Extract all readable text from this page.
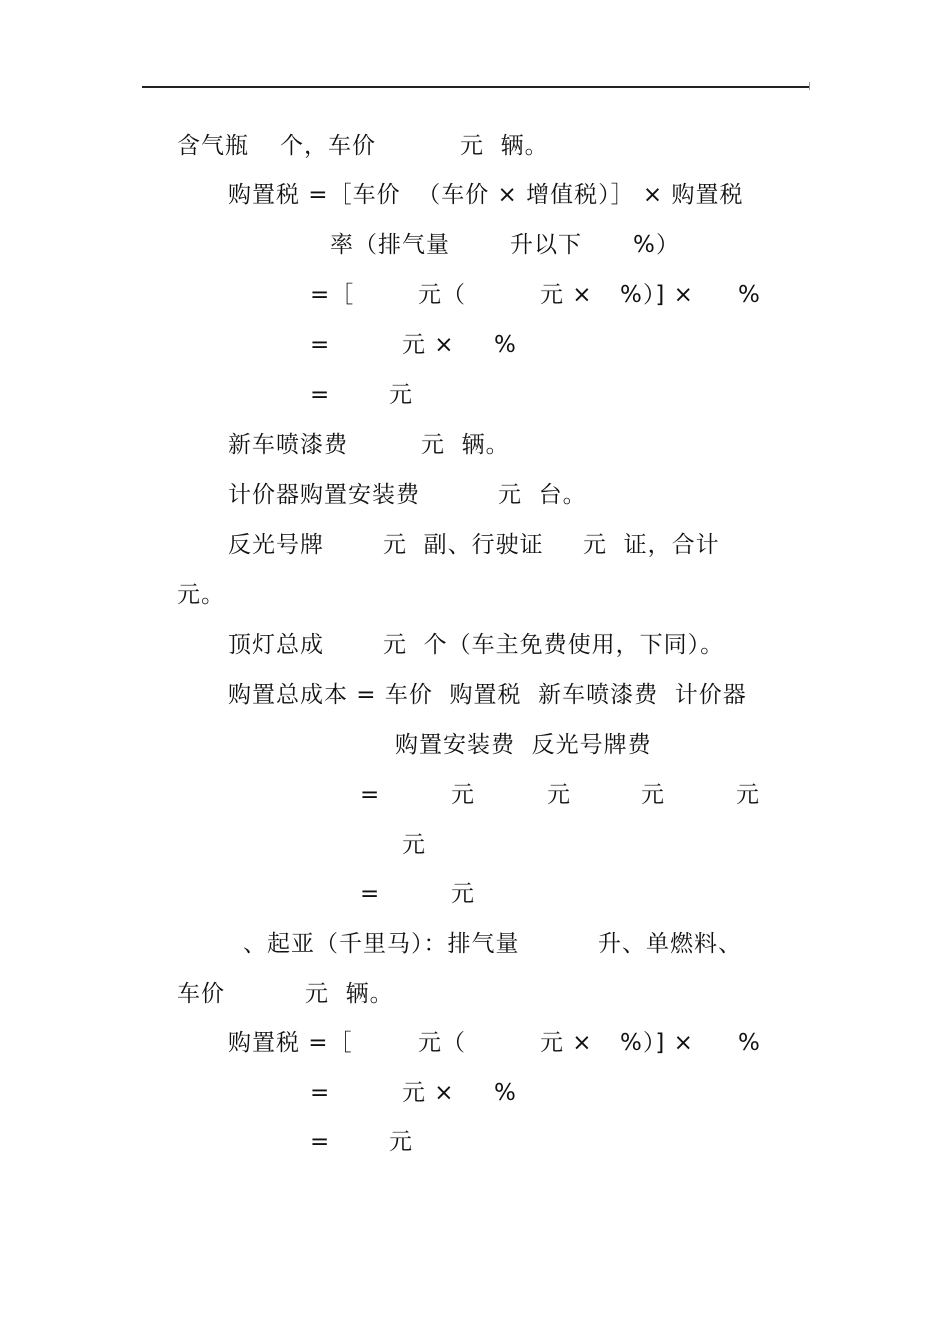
含气瓶 个，车价	元  辆。
购置税 =［车价  （车价 × 增值税）］ × 购置税
率（排气量	升以下 %）
=［	元（	元 × %）] × %
=	元 × %
=	元
新车喷漆费	元  辆。
计价器购置安装费	元  台。
反光号牌	元  副、行驶证 元  证，合计
元。
顶灯总成	元  个（车主免费使用，下同）。
购置总成本 = 车价  购置税  新车喷漆费  计价器
购置安装费  反光号牌费
=	元	元	元	元
元
=	元
、起亚（千里马）：排气量	升、单燃料、
车价	元  辆。
购置税 =［	元（	元 × %）] × %
=	元 × %
=	元
